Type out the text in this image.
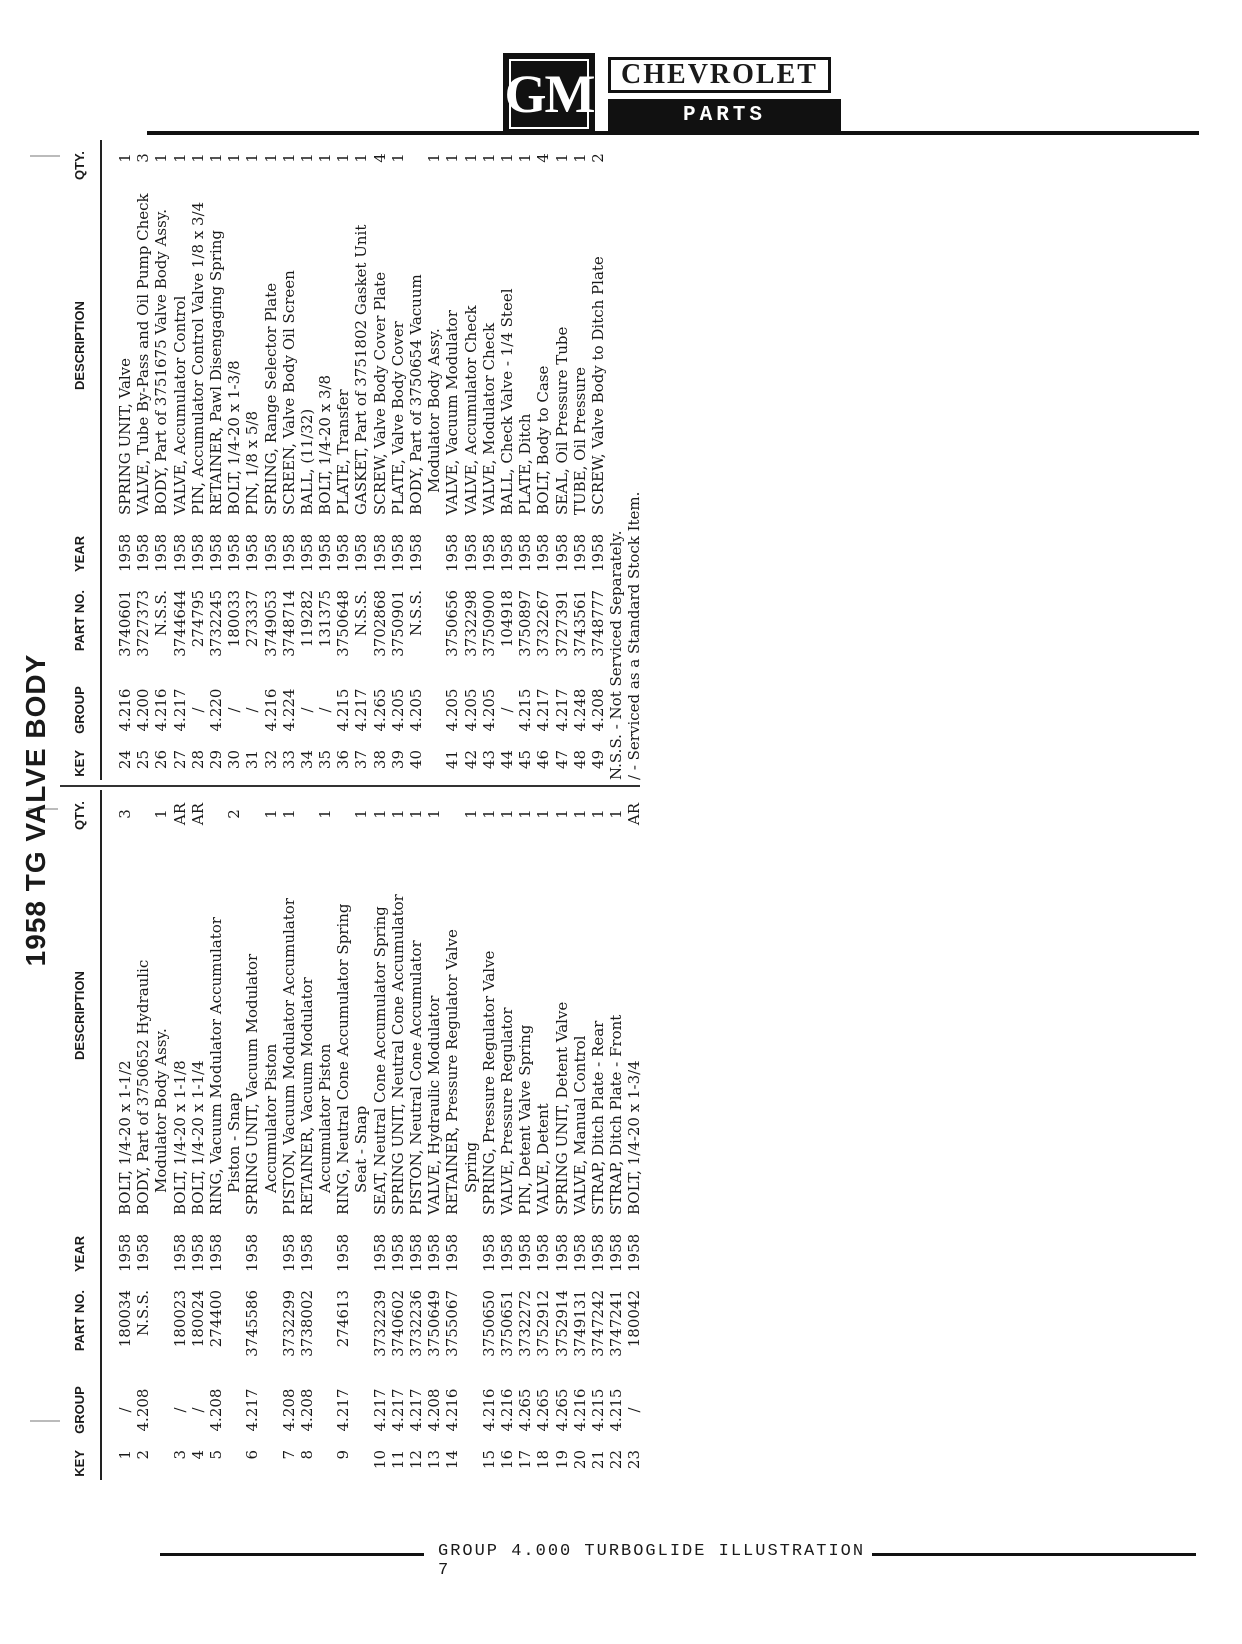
GM CHEVROLET
PARTS CATALOGUE
1958 TG VALVE BODY
KEY
GROUP
PART NO.
YEAR
DESCRIPTION
QTY.
1
/
180034
1958
BOLT, 1/4-20 x 1-1/2
3
2
4.208
N.S.S.
1958
BODY, Part of 3750652 Hydraulic Modulator Body Assy.
1
3
/
180023
1958
BOLT, 1/4-20 x 1-1/8
AR
4
/
180024
1958
BOLT, 1/4-20 x 1-1/4
AR
5
4.208
274400
1958
RING, Vacuum Modulator Accumulator Piston - Snap
2
6
4.217
3745586
1958
SPRING UNIT, Vacuum Modulator Accumulator Piston
1
7
4.208
3732299
1958
PISTON, Vacuum Modulator Accumulator
1
8
4.208
3738002
1958
RETAINER, Vacuum Modulator Accumulator Piston
1
9
4.217
274613
1958
RING, Neutral Cone Accumulator Spring Seat - Snap
1
10
4.217
3732239
1958
SEAT, Neutral Cone Accumulator Spring
1
11
4.217
3740602
1958
SPRING UNIT, Neutral Cone Accumulator
1
12
4.217
3732236
1958
PISTON, Neutral Cone Accumulator
1
13
4.208
3750649
1958
VALVE, Hydraulic Modulator
1
14
4.216
3755067
1958
RETAINER, Pressure Regulator Valve Spring
1
15
4.216
3750650
1958
SPRING, Pressure Regulator Valve
1
16
4.216
3750651
1958
VALVE, Pressure Regulator
1
17
4.265
3732272
1958
PIN, Detent Valve Spring
1
18
4.265
3752912
1958
VALVE, Detent
1
19
4.265
3752914
1958
SPRING UNIT, Detent Valve
1
20
4.216
3749131
1958
VALVE, Manual Control
1
21
4.215
3747242
1958
STRAP, Ditch Plate - Rear
1
22
4.215
3747241
1958
STRAP, Ditch Plate - Front
1
23
/
180042
1958
BOLT, 1/4-20 x 1-3/4
AR
KEY
GROUP
PART NO.
YEAR
DESCRIPTION
QTY.
24
4.216
3740601
1958
SPRING UNIT, Valve
1
25
4.200
3727373
1958
VALVE, Tube By-Pass and Oil Pump Check
3
26
4.216
N.S.S.
1958
BODY, Part of 3751675 Valve Body Assy.
1
27
4.217
3744644
1958
VALVE, Accumulator Control
1
28
/
274795
1958
PIN, Accumulator Control Valve 1/8 x 3/4
1
29
4.220
3732245
1958
RETAINER, Pawl Disengaging Spring
1
30
/
180033
1958
BOLT, 1/4-20 x 1-3/8
1
31
/
273337
1958
PIN, 1/8 x 5/8
1
32
4.216
3749053
1958
SPRING, Range Selector Plate
1
33
4.224
3748714
1958
SCREEN, Valve Body Oil Screen
1
34
/
119282
1958
BALL, (11/32)
1
35
/
131375
1958
BOLT, 1/4-20 x 3/8
1
36
4.215
3750648
1958
PLATE, Transfer
1
37
4.217
N.S.S.
1958
GASKET, Part of 3751802 Gasket Unit
1
38
4.265
3702868
1958
SCREW, Valve Body Cover Plate
4
39
4.205
3750901
1958
PLATE, Valve Body Cover
1
40
4.205
N.S.S.
1958
BODY, Part of 3750654 Vacuum Modulator Body Assy.
1
41
4.205
3750656
1958
VALVE, Vacuum Modulator
1
42
4.205
3732298
1958
VALVE, Accumulator Check
1
43
4.205
3750900
1958
VALVE, Modulator Check
1
44
/
104918
1958
BALL, Check Valve - 1/4 Steel
1
45
4.215
3750897
1958
PLATE, Ditch
1
46
4.217
3732267
1958
BOLT, Body to Case
4
47
4.217
3727391
1958
SEAL, Oil Pressure Tube
1
48
4.248
3743561
1958
TUBE, Oil Pressure
1
49
4.208
3748777
1958
SCREW, Valve Body to Ditch Plate
2
N.S.S. - Not Serviced Separately. / - Serviced as a Standard Stock Item.
GROUP 4.000 TURBOGLIDE ILLUSTRATION 7
